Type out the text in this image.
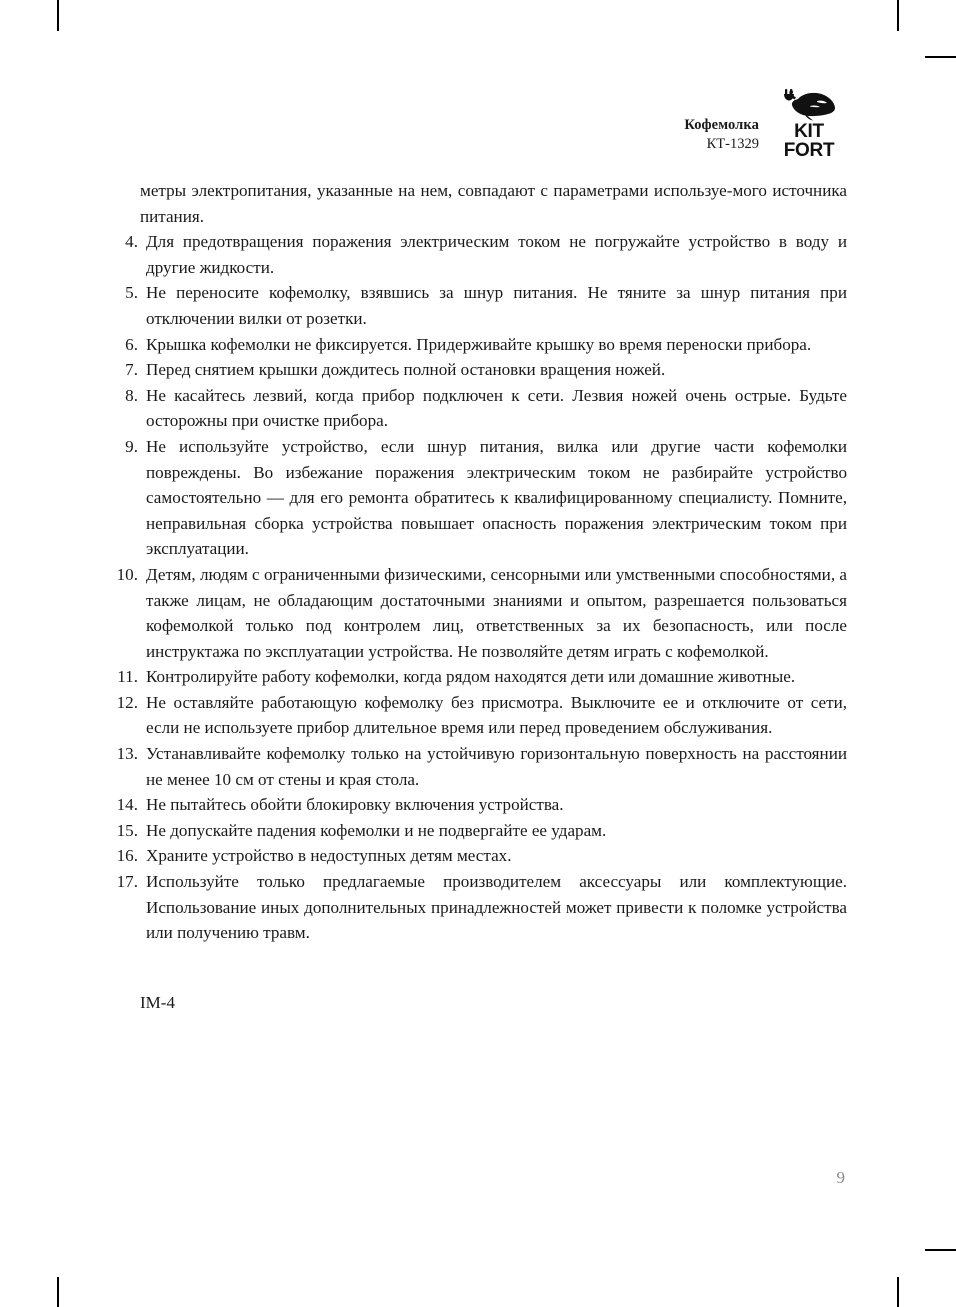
Кофемолка
КТ-1329
KIT
FORT

метры электропитания, указанные на нем, совпадают с параметрами используе-мого источника питания.

4. Для предотвращения поражения электрическим током не погружайте устройство в воду и другие жидкости.
5. Не переносите кофемолку, взявшись за шнур питания. Не тяните за шнур питания при отключении вилки от розетки.
6. Крышка кофемолки не фиксируется. Придерживайте крышку во время переноски прибора.
7. Перед снятием крышки дождитесь полной остановки вращения ножей.
8. Не касайтесь лезвий, когда прибор подключен к сети. Лезвия ножей очень острые. Будьте осторожны при очистке прибора.
9. Не используйте устройство, если шнур питания, вилка или другие части кофемолки повреждены. Во избежание поражения электрическим током не разбирайте устройство самостоятельно — для его ремонта обратитесь к квалифицированному специалисту. Помните, неправильная сборка устройства повышает опасность поражения электрическим током при эксплуатации.
10. Детям, людям с ограниченными физическими, сенсорными или умственными способностями, а также лицам, не обладающим достаточными знаниями и опытом, разрешается пользоваться кофемолкой только под контролем лиц, ответственных за их безопасность, или после инструктажа по эксплуатации устройства. Не позволяйте детям играть с кофемолкой.
11. Контролируйте работу кофемолки, когда рядом находятся дети или домашние животные.
12. Не оставляйте работающую кофемолку без присмотра. Выключите ее и отключите от сети, если не используете прибор длительное время или перед проведением обслуживания.
13. Устанавливайте кофемолку только на устойчивую горизонтальную поверхность на расстоянии не менее 10 см от стены и края стола.
14. Не пытайтесь обойти блокировку включения устройства.
15. Не допускайте падения кофемолки и не подвергайте ее ударам.
16. Храните устройство в недоступных детям местах.
17. Используйте только предлагаемые производителем аксессуары или комплектующие. Использование иных дополнительных принадлежностей может привести к поломке устройства или получению травм.
IM-4
9
